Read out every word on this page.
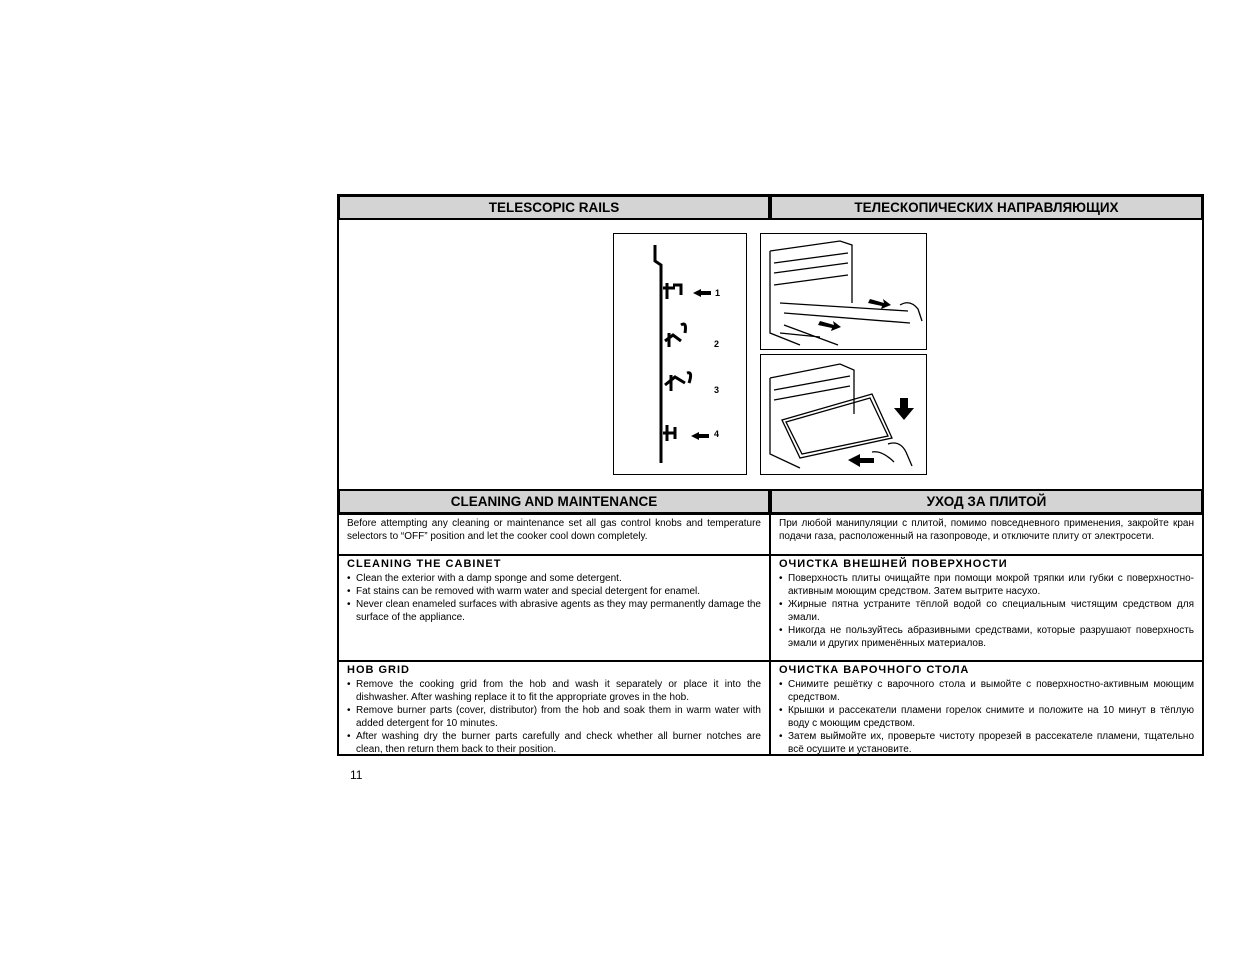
TELESCOPIC RAILS	ТЕЛЕСКОПИЧЕСКИХ НАПРАВЛЯЮЩИХ
1
2
3
4
CLEANING AND MAINTENANCE	УХОД ЗА ПЛИТОЙ
Before attempting any cleaning or maintenance set all gas control knobs and temperature selectors to “OFF” position and let the cooker cool down completely.
При любой манипуляции с плитой, помимо повседневного применения, закройте кран подачи газа, расположенный на газопроводе, и отключите плиту от электросети.
CLEANING THE CABINET
• Clean the exterior with a damp sponge and some detergent.
• Fat stains can be removed with warm water and special detergent for enamel.
• Never clean enameled surfaces with abrasive agents as they may permanently damage the surface of the appliance.
ОЧИСТКА ВНЕШНЕЙ ПОВЕРХНОСТИ
• Поверхность плиты очищайте при помощи мокрой тряпки или губки с поверхностно-активным моющим средством. Затем вытрите насухо.
• Жирные пятна устраните тёплой водой со специальным чистящим средством для эмали.
• Никогда не пользуйтесь абразивными средствами, которые разрушают поверхность эмали и других применённых материалов.
HOB GRID
• Remove the cooking grid from the hob and wash it separately or place it into the dishwasher. After washing replace it to fit the appropriate groves in the hob.
• Remove burner parts (cover, distributor) from the hob and soak them in warm water with added detergent for 10 minutes.
• After washing dry the burner parts carefully and check whether all burner notches are clean, then return them back to their position.
ОЧИСТКА ВАРОЧНОГО СТОЛА
• Снимите решётку с варочного стола и вымойте с поверхностно-активным моющим средством.
• Крышки и рассекатели пламени горелок снимите и положите на 10 минут в тёплую воду с моющим средством.
• Затем выймойте их, проверьте чистоту прорезей в рассекателе пламени, тщательно всё осушите и установите.
11
